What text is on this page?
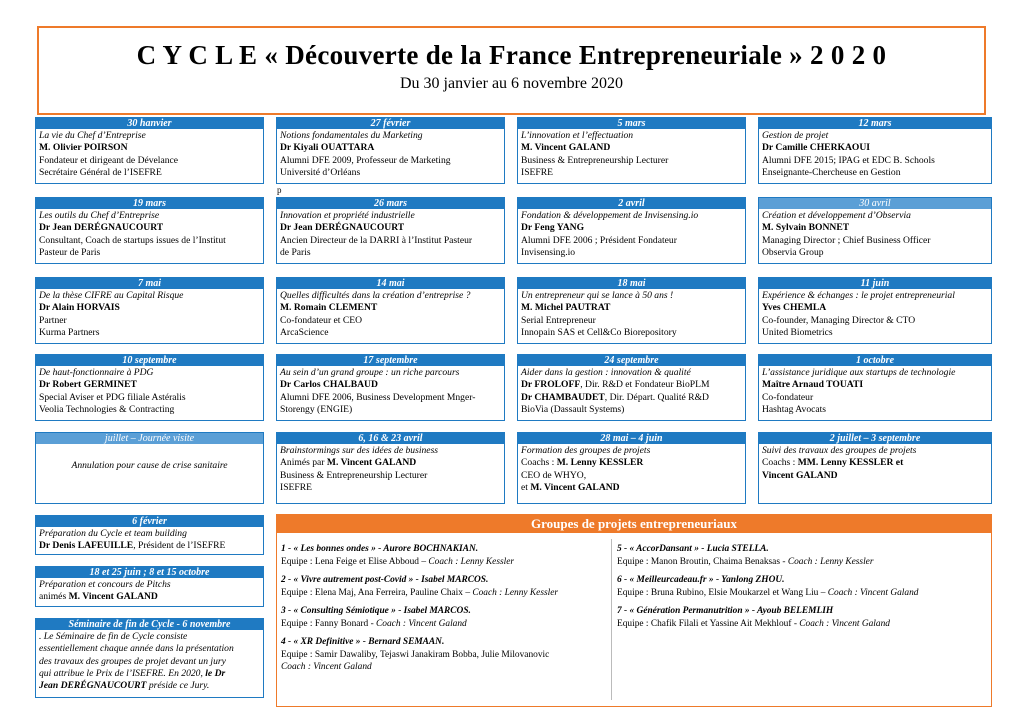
C Y C L E « Découverte de la France Entrepreneuriale » 2 0 2 0
Du 30 janvier au 6 novembre 2020
30 hanvier
La vie du Chef d’Entreprise
M. Olivier POIRSON
Fondateur et dirigeant de Dévelance
Secrétaire Général de l’ISEFRE
27 février
Notions fondamentales du Marketing
Dr Kiyali OUATTARA
Alumni DFE 2009, Professeur de Marketing
Université d’Orléans
5 mars
L’innovation et l’effectuation
M. Vincent GALAND
Business & Entrepreneurship Lecturer
ISEFRE
12 mars
Gestion de projet
Dr Camille CHERKAOUI
Alumni DFE 2015; IPAG et EDC B. Schools
Enseignante-Chercheuse en Gestion
19 mars
Les outils du Chef d’Entreprise
Dr Jean DERÉGNAUCOURT
Consultant, Coach de startups issues de l’Institut
Pasteur de Paris
26 mars
Innovation et propriété industrielle
Dr Jean DERÉGNAUCOURT
Ancien Directeur de la DARRI à l’Institut Pasteur
de Paris
2 avril
Fondation & développement de Invisensing.io
Dr Feng YANG
Alumni DFE 2006 ; Président Fondateur
Invisensing.io
30 avril
Création et développement d’Observia
M. Sylvain BONNET
Managing Director ; Chief Business Officer
Observia Group
7 mai
De la thèse CIFRE au Capital Risque
Dr Alain HORVAIS
Partner
Kurma Partners
14 mai
Quelles difficultés dans la création d’entreprise ?
M. Romain CLEMENT
Co-fondateur et CEO
ArcaScience
18 mai
Un entrepreneur qui se lance à 50 ans !
M. Michel PAUTRAT
Serial Entrepreneur
Innopain SAS et Cell&Co Biorepository
11 juin
Expérience & échanges : le projet entrepreneurial
Yves CHEMLA
Co-founder, Managing Director & CTO
United Biometrics
10 septembre
De haut-fonctionnaire à PDG
Dr Robert GERMINET
Special Aviser et PDG filiale Astéralis
Veolia Technologies & Contracting
17 septembre
Au sein d’un grand groupe : un riche parcours
Dr Carlos CHALBAUD
Alumni DFE 2006, Business Development Mnger-
Storengy (ENGIE)
24 septembre
Aider dans la gestion : innovation & qualité
Dr FROLOFF, Dir. R&D et Fondateur BioPLM
Dr CHAMBAUDET, Dir. Départ. Qualité R&D
BioVia (Dassault Systems)
1 octobre
L’assistance juridique aux startups de technologie
Maître Arnaud TOUATI
Co-fondateur
Hashtag Avocats
p
juillet – Journée visite
Annulation pour cause de crise sanitaire
6, 16 & 23 avril
Brainstormings sur des idées de business
Animés par M. Vincent GALAND
Business & Entrepreneurship Lecturer
ISEFRE
28 mai – 4 juin
Formation des groupes de projets
Coachs : M. Lenny KESSLER
CEO de WHYO,
et M. Vincent GALAND
2 juillet – 3 septembre
Suivi des travaux des groupes de projets
Coachs : MM. Lenny KESSLER et
Vincent GALAND
6 février
Préparation du Cycle et team building
Dr Denis LAFEUILLE, Président de l’ISEFRE
18 et 25 juin ; 8 et 15 octobre
Préparation et concours de Pitchs
animés M. Vincent GALAND
Séminaire de fin de Cycle - 6 novembre
. Le Séminaire de fin de Cycle consiste
essentiellement chaque année dans la présentation
des travaux des groupes de projet devant un jury
qui attribue le Prix de l’ISEFRE. En 2020, le Dr
Jean DERÉGNAUCOURT préside ce Jury.
Groupes de projets entrepreneuriaux
1 - « Les bonnes ondes » - Aurore BOCHNAKIAN.
Equipe : Lena Feige et Elise Abboud – Coach : Lenny Kessler
2 - « Vivre autrement post-Covid » - Isabel MARCOS.
Equipe : Elena Maj, Ana Ferreira, Pauline Chaix – Coach : Lenny Kessler
3 - « Consulting Sémiotique » - Isabel MARCOS.
Equipe : Fanny Bonard - Coach : Vincent Galand
4 - « XR Definitive » - Bernard SEMAAN.
Equipe : Samir Dawaliby, Tejaswi Janakiram Bobba, Julie Milovanovic
Coach : Vincent Galand
5 - « AccorDansant » - Lucia STELLA.
Equipe : Manon Broutin, Chaima Benaksas - Coach : Lenny Kessler
6 - « Meilleurcadeau.fr » - Yanlong ZHOU.
Equipe : Bruna Rubino, Elsie Moukarzel et Wang Liu – Coach : Vincent Galand
7 - « Génération Permanutrition » - Ayoub BELEMLIH
Equipe : Chafik Filali et Yassine Ait Mekhlouf - Coach : Vincent Galand
